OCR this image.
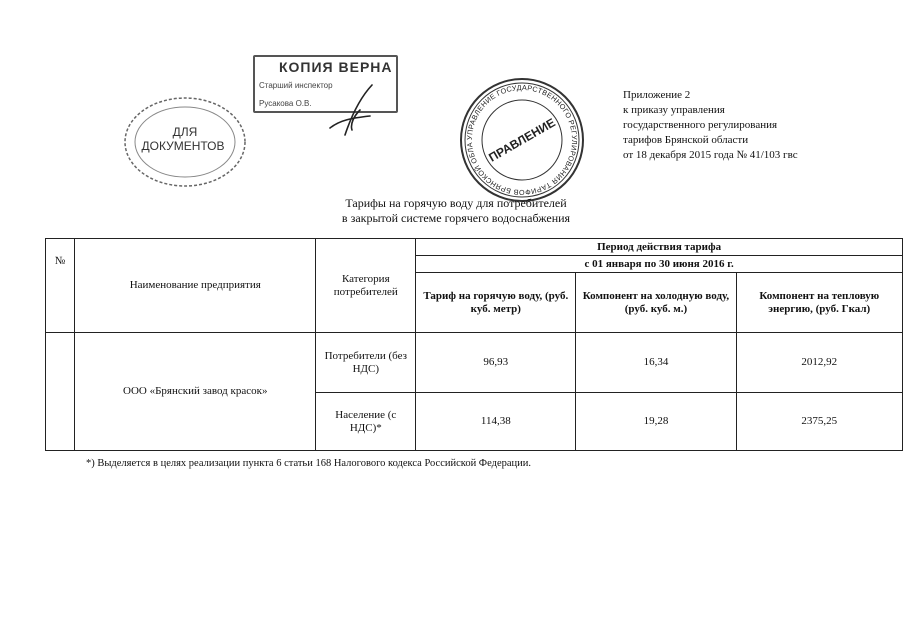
ДЛЯ
ДОКУМЕНТОВ
КОПИЯ ВЕРНА
Старший инспектор
Русакова О.В.
УПРАВЛЕНИЕ ГОСУДАРСТВЕННОГО РЕГУЛИРОВАНИЯ ТАРИФОВ БРЯНСКОЙ ОБЛА ПРАВЛЕНИЕ
Приложение 2
к приказу управления
государственного регулирования
тарифов Брянской области
от 18 декабря 2015 года № 41/103 гвс
Тарифы на горячую воду для потребителей
в закрытой системе горячего водоснабжения
№	Наименование предприятия	Категория потребителей	Период действия тарифа		
			с 01 января по 30 июня 2016 г.		
			Тариф на горячую воду, (руб. куб. метр)	Компонент на холодную воду, (руб. куб. м.)	Компонент на тепловую энергию, (руб. Гкал)
	ООО «Брянский завод красок»	Потребители (без НДС)	96,93	16,34	2012,92
		Население (с НДС)*	114,38	19,28	2375,25
*) Выделяется в целях реализации пункта 6 статьи 168 Налогового кодекса Российской Федерации.
